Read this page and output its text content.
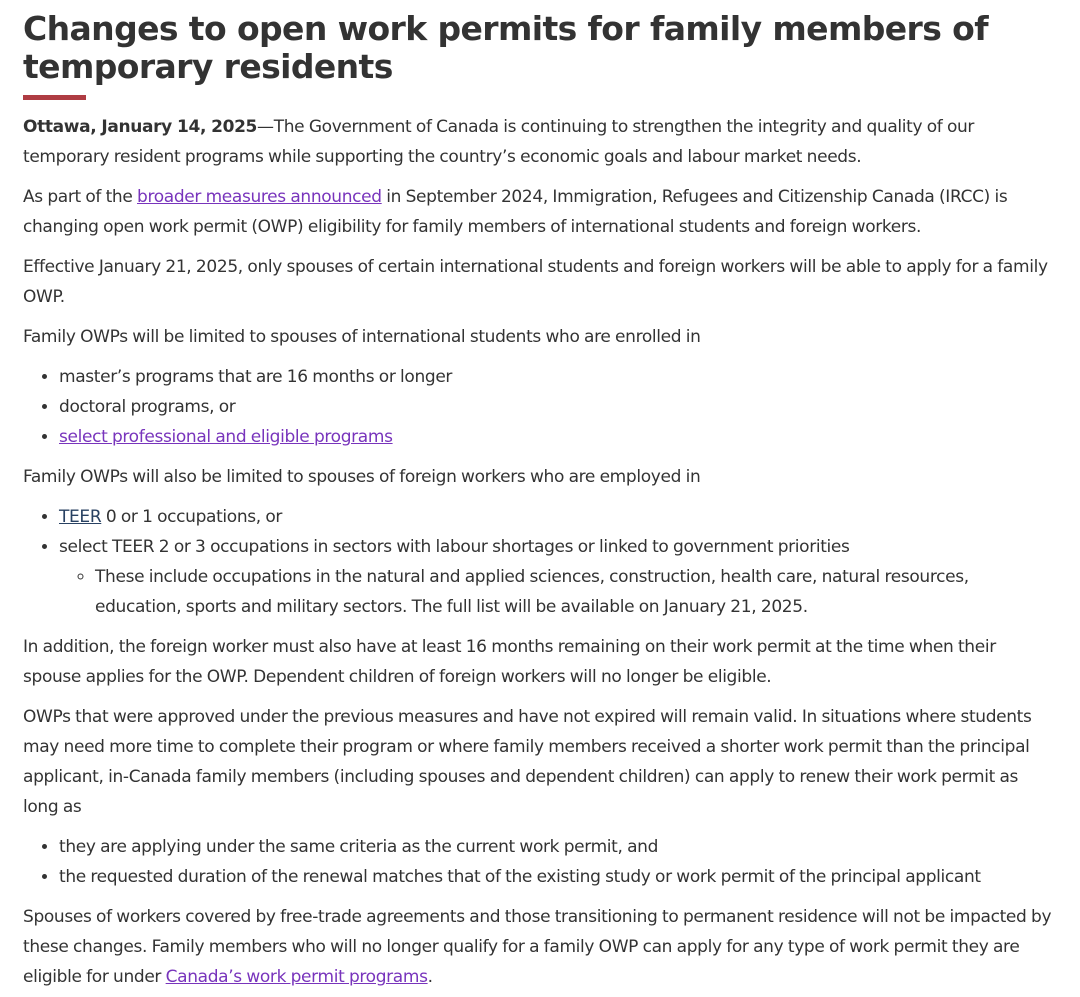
Changes to open work permits for family members of temporary residents

Ottawa, January 14, 2025—The Government of Canada is continuing to strengthen the integrity and quality of our temporary resident programs while supporting the country’s economic goals and labour market needs.

As part of the broader measures announced in September 2024, Immigration, Refugees and Citizenship Canada (IRCC) is changing open work permit (OWP) eligibility for family members of international students and foreign workers.

Effective January 21, 2025, only spouses of certain international students and foreign workers will be able to apply for a family OWP.

Family OWPs will be limited to spouses of international students who are enrolled in

• master’s programs that are 16 months or longer
• doctoral programs, or
• select professional and eligible programs

Family OWPs will also be limited to spouses of foreign workers who are employed in

• TEER 0 or 1 occupations, or
• select TEER 2 or 3 occupations in sectors with labour shortages or linked to government priorities
◦ These include occupations in the natural and applied sciences, construction, health care, natural resources, education, sports and military sectors. The full list will be available on January 21, 2025.

In addition, the foreign worker must also have at least 16 months remaining on their work permit at the time when their spouse applies for the OWP. Dependent children of foreign workers will no longer be eligible.

OWPs that were approved under the previous measures and have not expired will remain valid. In situations where students may need more time to complete their program or where family members received a shorter work permit than the principal applicant, in-Canada family members (including spouses and dependent children) can apply to renew their work permit as long as

• they are applying under the same criteria as the current work permit, and
• the requested duration of the renewal matches that of the existing study or work permit of the principal applicant

Spouses of workers covered by free-trade agreements and those transitioning to permanent residence will not be impacted by these changes. Family members who will no longer qualify for a family OWP can apply for any type of work permit they are eligible for under Canada’s work permit programs.
